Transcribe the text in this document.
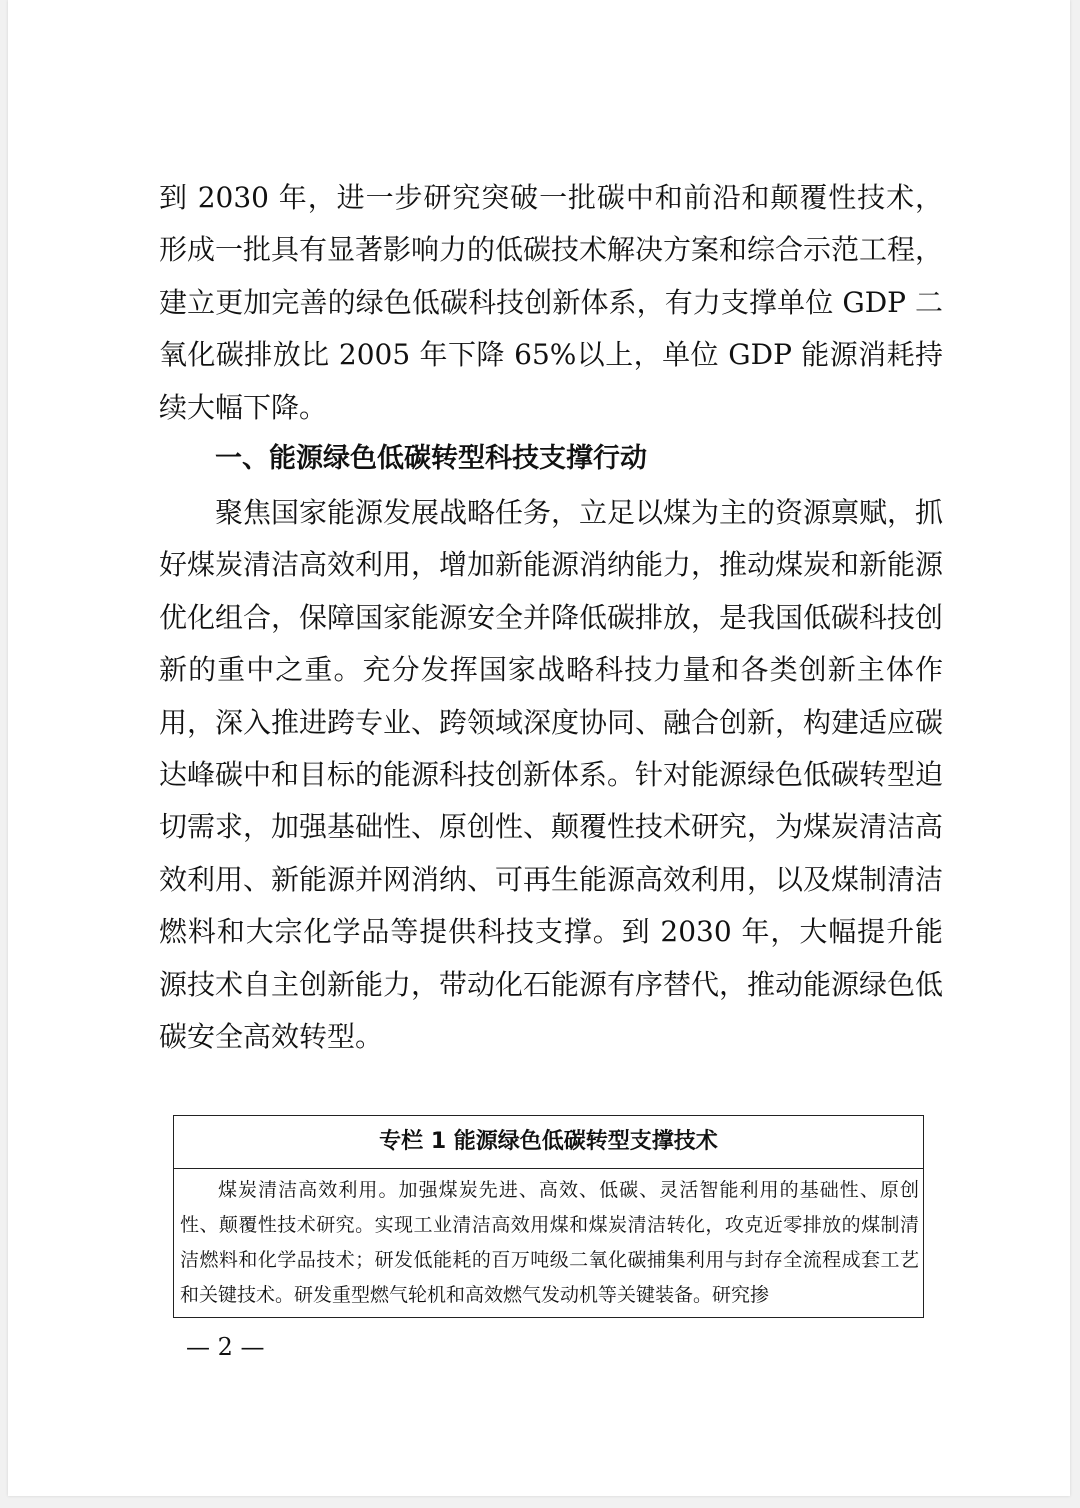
到 2030 年，进一步研究突破一批碳中和前沿和颠覆性技术，形成一批具有显著影响力的低碳技术解决方案和综合示范工程，建立更加完善的绿色低碳科技创新体系，有力支撑单位 GDP 二氧化碳排放比 2005 年下降 65%以上，单位 GDP 能源消耗持续大幅下降。

一、能源绿色低碳转型科技支撑行动

聚焦国家能源发展战略任务，立足以煤为主的资源禀赋，抓好煤炭清洁高效利用，增加新能源消纳能力，推动煤炭和新能源优化组合，保障国家能源安全并降低碳排放，是我国低碳科技创新的重中之重。充分发挥国家战略科技力量和各类创新主体作用，深入推进跨专业、跨领域深度协同、融合创新，构建适应碳达峰碳中和目标的能源科技创新体系。针对能源绿色低碳转型迫切需求，加强基础性、原创性、颠覆性技术研究，为煤炭清洁高效利用、新能源并网消纳、可再生能源高效利用，以及煤制清洁燃料和大宗化学品等提供科技支撑。到 2030 年，大幅提升能源技术自主创新能力，带动化石能源有序替代，推动能源绿色低碳安全高效转型。

专栏 1 能源绿色低碳转型支撑技术

煤炭清洁高效利用。加强煤炭先进、高效、低碳、灵活智能利用的基础性、原创性、颠覆性技术研究。实现工业清洁高效用煤和煤炭清洁转化，攻克近零排放的煤制清洁燃料和化学品技术；研发低能耗的百万吨级二氧化碳捕集利用与封存全流程成套工艺和关键技术。研发重型燃气轮机和高效燃气发动机等关键装备。研究掺

— 2 —
